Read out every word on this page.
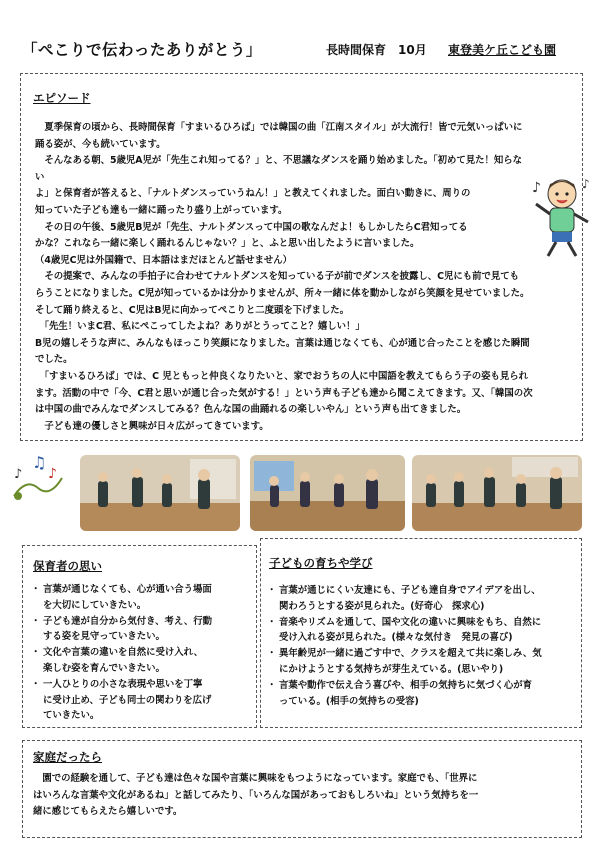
「ぺこりで伝わったありがとう」	長時間保育　10月 東登美ケ丘こども園
エピソード

　夏季保育の頃から、長時間保育「すまいるひろば」では韓国の曲「江南スタイル」が大流行！皆で元気いっぱいに
踊る姿が、今も続いています。

　そんなある朝、5歳児A児が「先生これ知ってる？」と、不思議なダンスを踊り始めました。「初めて見た！知らない
よ」と保育者が答えると、「ナルトダンスっていうねん！」と教えてくれました。面白い動きに、周りの
知っていた子ども達も一緒に踊ったり盛り上がっています。

　その日の午後、5歳児B児が「先生、ナルトダンスって中国の歌なんだよ！もしかしたらC君知ってる
かな？これなら一緒に楽しく踊れるんじゃない？」と、ふと思い出したように言いました。
（4歳児C児は外国籍で、日本語はまだほとんど話せません）

　その提案で、みんなの手拍子に合わせてナルトダンスを知っている子が前でダンスを披露し、C児にも前で見ても
らうことになりました。C児が知っているかは分かりませんが、所々一緒に体を動かしながら笑顔を見せていました。
そして踊り終えると、C児はB児に向かってぺこりと二度頭を下げました。

　「先生！いまC君、私にぺこってしたよね？ありがとうってこと？嬉しい！」
B児の嬉しそうな声に、みんなもほっこり笑顔になりました。言葉は通じなくても、心が通じ合ったことを感じた瞬間
でした。

　「すまいるひろば」では、C 児ともっと仲良くなりたいと、家でおうちの人に中国語を教えてもらう子の姿も見られ
ます。活動の中で「今、C君と思いが通じ合った気がする！」という声も子ども達から聞こえてきます。又、「韓国の次
は中国の曲でみんなでダンスしてみる？色んな国の曲踊れるの楽しいやん」という声も出てきました。
　子ども達の優しさと興味が日々広がってきています。

♪	♪
♫
♪
♪
保育者の思い
・ 言葉が通じなくても、心が通い合う場面
を大切にしていきたい。
・ 子ども達が自分から気付き、考え、行動
する姿を見守っていきたい。
・ 文化や言葉の違いを自然に受け入れ、
楽しむ姿を育んでいきたい。
・ 一人ひとりの小さな表現や思いを丁寧
に受け止め、子ども同士の関わりを広げ
ていきたい。
子どもの育ちや学び
・ 言葉が通じにくい友達にも、子ども達自身でアイデアを出し、
関わろうとする姿が見られた。(好奇心　探求心)
・ 音楽やリズムを通して、国や文化の違いに興味をもち、自然に
受け入れる姿が見られた。(様々な気付き　発見の喜び)
・ 異年齢児が一緒に過ごす中で、クラスを超えて共に楽しみ、気
にかけようとする気持ちが芽生えている。(思いやり)
・ 言葉や動作で伝え合う喜びや、相手の気持ちに気づく心が育
っている。(相手の気持ちの受容)
家庭だったら
　園での経験を通して、子ども達は色々な国や言葉に興味をもつようになっています。家庭でも、「世界に
はいろんな言葉や文化があるね」と話してみたり、「いろんな国があっておもしろいね」という気持ちを一
緒に感じてもらえたら嬉しいです。
